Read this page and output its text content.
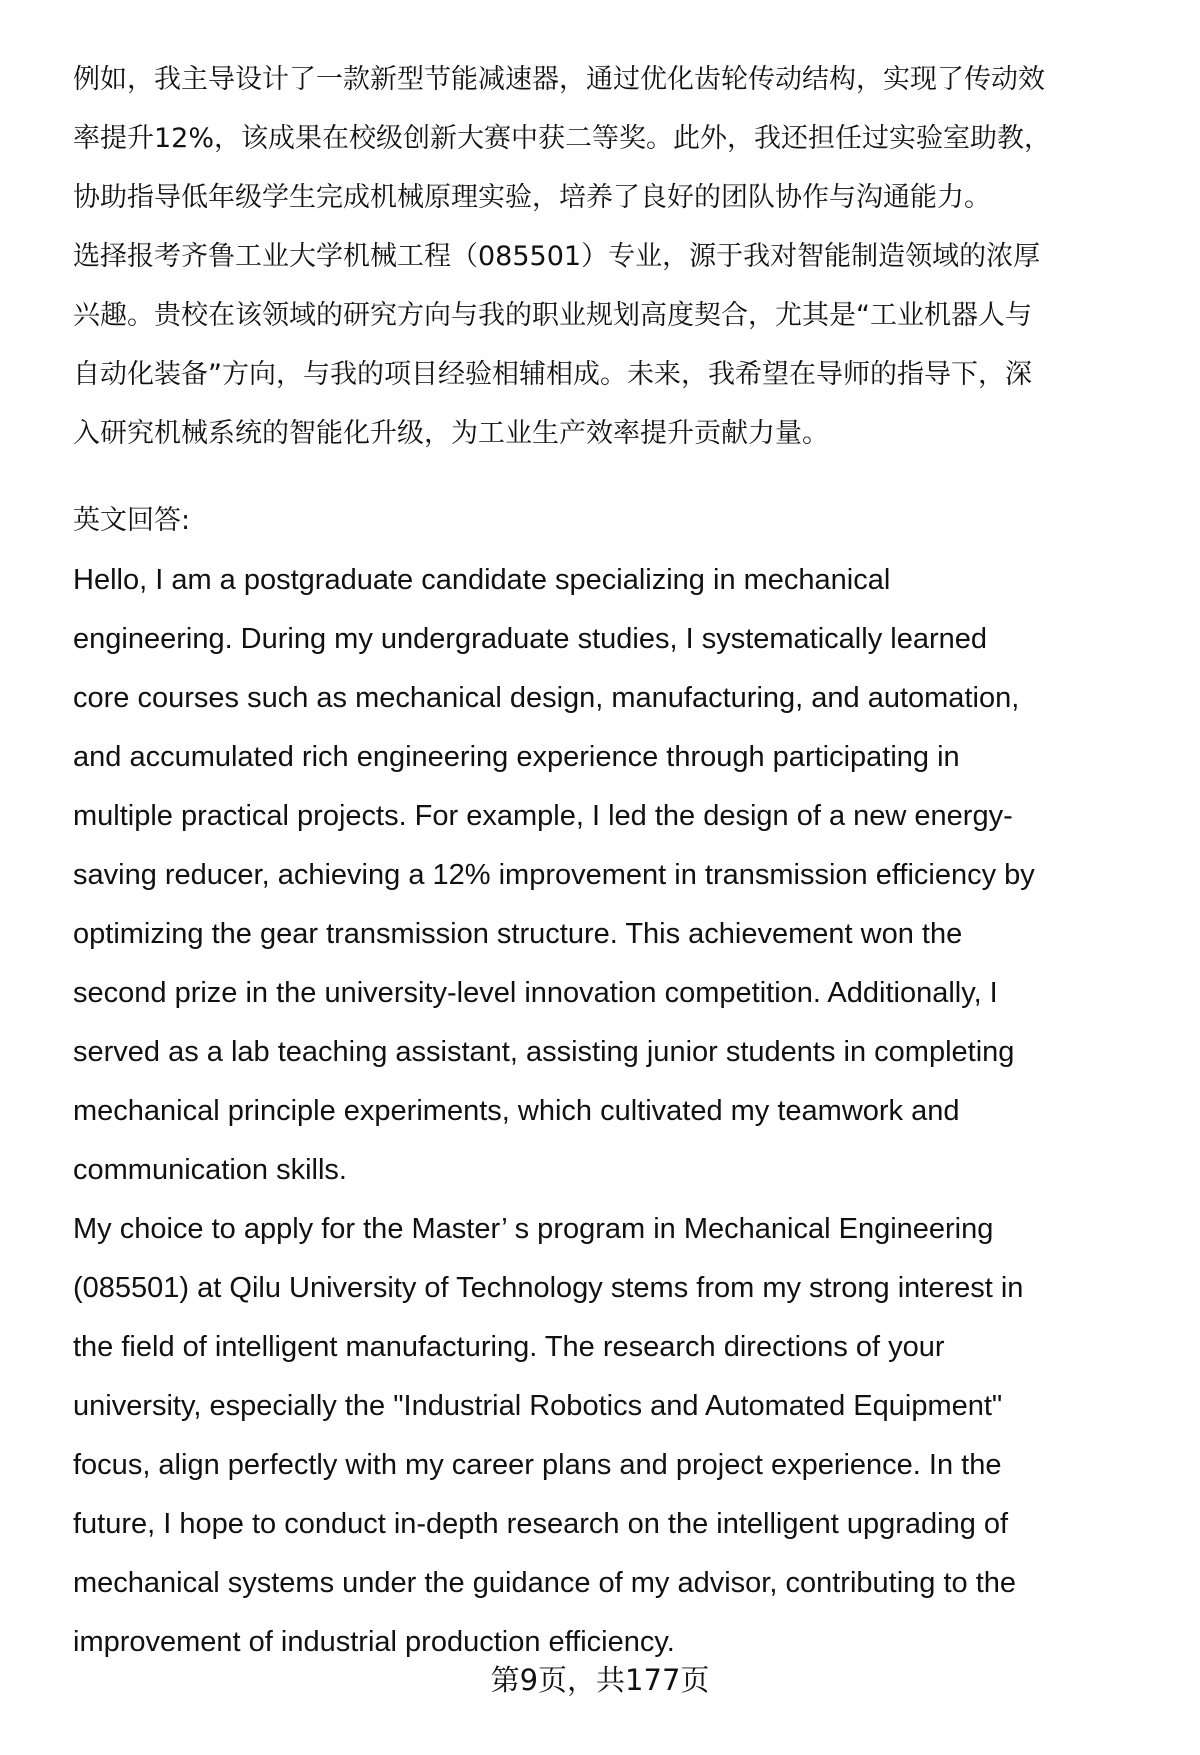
例如，我主导设计了一款新型节能减速器，通过优化齿轮传动结构，实现了传动效
率提升12%，该成果在校级创新大赛中获二等奖。此外，我还担任过实验室助教，
协助指导低年级学生完成机械原理实验，培养了良好的团队协作与沟通能力。
选择报考齐鲁工业大学机械工程（085501）专业，源于我对智能制造领域的浓厚
兴趣。贵校在该领域的研究方向与我的职业规划高度契合，尤其是“工业机器人与
自动化装备”方向，与我的项目经验相辅相成。未来，我希望在导师的指导下，深
入研究机械系统的智能化升级，为工业生产效率提升贡献力量。
英文回答:
Hello, I am a postgraduate candidate specializing in mechanical
engineering. During my undergraduate studies, I systematically learned
core courses such as mechanical design, manufacturing, and automation,
and accumulated rich engineering experience through participating in
multiple practical projects. For example, I led the design of a new energy-
saving reducer, achieving a 12% improvement in transmission efficiency by
optimizing the gear transmission structure. This achievement won the
second prize in the university-level innovation competition. Additionally, I
served as a lab teaching assistant, assisting junior students in completing
mechanical principle experiments, which cultivated my teamwork and
communication skills.
My choice to apply for the Master’ s program in Mechanical Engineering
(085501) at Qilu University of Technology stems from my strong interest in
the field of intelligent manufacturing. The research directions of your
university, especially the "Industrial Robotics and Automated Equipment"
focus, align perfectly with my career plans and project experience. In the
future, I hope to conduct in-depth research on the intelligent upgrading of
mechanical systems under the guidance of my advisor, contributing to the
improvement of industrial production efficiency.
第9页，共177页
